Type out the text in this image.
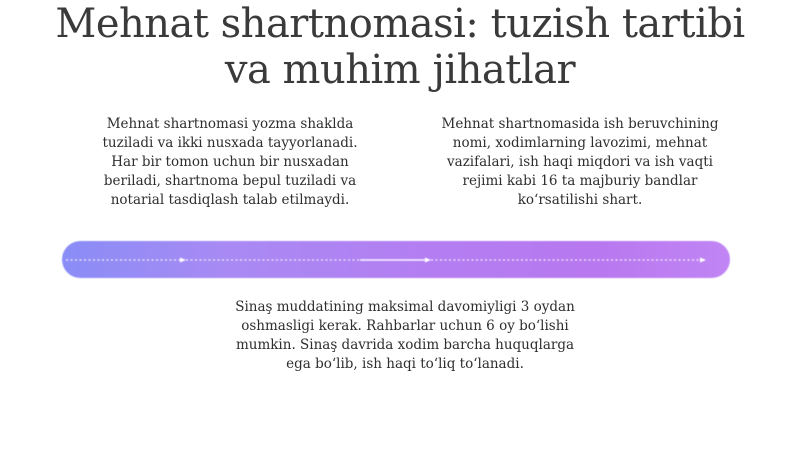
Mehnat shartnomasi: tuzish tartibi
va muhim jihatlar
Mehnat shartnomasi yozma shaklda
tuziladi va ikki nusxada tayyorlanadi.
Har bir tomon uchun bir nusxadan
beriladi, shartnoma bepul tuziladi va
notarial tasdiqlash talab etilmaydi.
Mehnat shartnomasida ish beruvchining
nomi, xodimlarning lavozimi, mehnat
vazifalari, ish haqi miqdori va ish vaqti
rejimi kabi 16 ta majburiy bandlar
koʻrsatilishi shart.
Sinaş muddatining maksimal davomiyligi 3 oydan
oshmasligi kerak. Rahbarlar uchun 6 oy boʻlishi
mumkin. Sinaş davrida xodim barcha huquqlarga
ega boʻlib, ish haqi toʻliq toʻlanadi.
